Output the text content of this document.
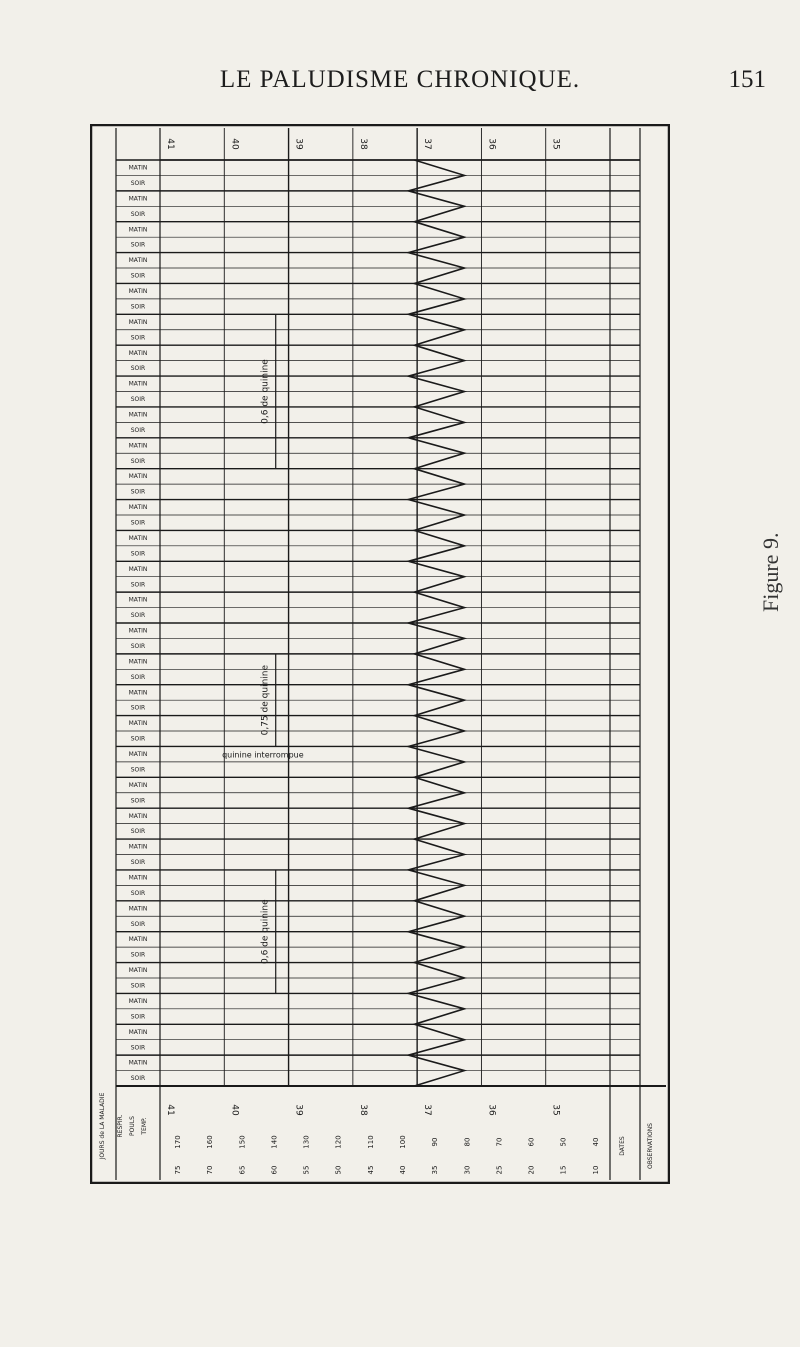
LE PALUDISME CHRONIQUE.	151
Figure 9.
41	40	39	38	37	36	35
MATIN
SOIR
MATIN
SOIR
MATIN
SOIR
MATIN
SOIR
MATIN
SOIR
MATIN
SOIR
MATIN
SOIR
MATIN
SOIR
MATIN
SOIR
MATIN
SOIR
MATIN
SOIR
MATIN
SOIR
MATIN
SOIR
MATIN
SOIR
MATIN
SOIR
MATIN
SOIR
MATIN
SOIR
MATIN
SOIR
MATIN
SOIR
MATIN
SOIR
MATIN
SOIR
MATIN
SOIR
MATIN
SOIR
MATIN
SOIR
MATIN
SOIR
MATIN
SOIR
MATIN
SOIR
MATIN
SOIR
MATIN
SOIR
MATIN
SOIR
0,6 de quinine
0,75 de quinine
0,6 de quinine
quinine interrompue
JOURS de LA MALADIE RESPIR. POULS TEMP.
41	40	39	38	37	36	35
170	160	150	140	130	120	110	100	90	80	70	60	50	40
75	70	65	60	55	50	45	40	35	30	25	20	15	10
DATES	OBSERVATIONS
